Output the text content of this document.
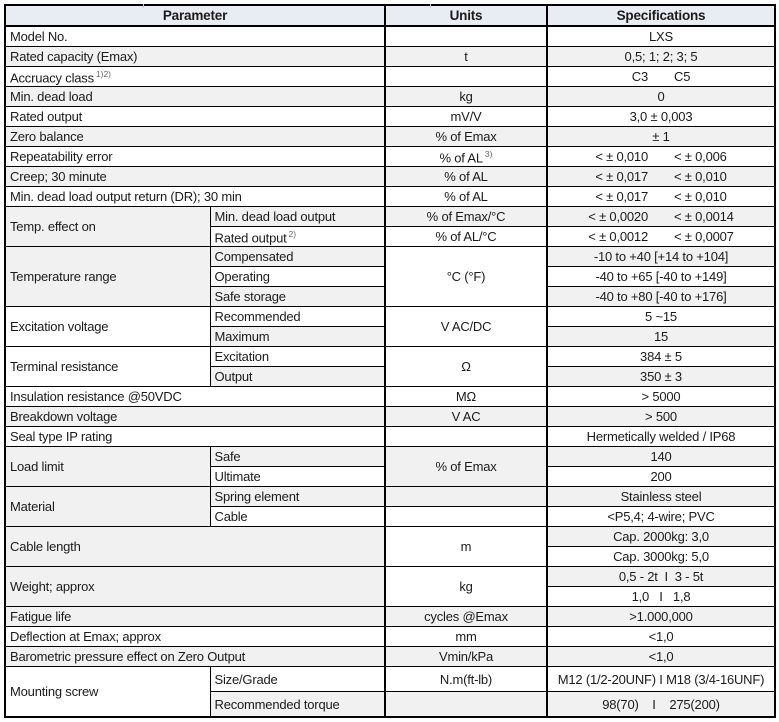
Parameter		Units	Specifications
Model No.			LXS
Rated capacity (Emax)		t	0,5; 1; 2; 3; 5
Accruacy class $^{1)2)}$			C3 C5

Min. dead load		kg	0
Rated output		mV/V	3,0 ± 0,003
Zero balance		% of Emax	± 1
Repeatability error		% of AL $^{3)}$	< ± 0,010 < ± 0,006

Creep; 30 minute		% of AL	< ± 0,017 < ± 0,010

Min. dead load output return (DR); 30 min		% of AL	< ± 0,017 < ± 0,010

Temp. effect on	Min. dead load output	% of Emax/°C	< ± 0,0020 < ± 0,0014

	Rated output $^{2)}$	% of AL/°C	< ± 0,0012 < ± 0,0007

Temperature range	Compensated	°C (°F)	-10 to +40 [+14 to +104]
	Operating		-40 to +65 [-40 to +149]
	Safe storage		-40 to +80 [-40 to +176]
Excitation voltage	Recommended	V AC/DC	5 ~15
	Maximum		15
Terminal resistance	Excitation	Ω	384 ± 5
	Output		350 ± 3
Insulation resistance @50VDC		MΩ	> 5000
Breakdown voltage		V AC	> 500
Seal type IP rating			Hermetically welded / IP68
Load limit	Safe	% of Emax	140
	Ultimate		200
Material	Spring element		Stainless steel
	Cable		<P5,4; 4-wire; PVC
Cable length		m	Cap. 2000kg: 3,0
			Cap. 3000kg: 5,0
Weight; approx		kg	0,5 - 2t  I  3 - 5t
			1,0   I   1,8
Fatigue life		cycles @Emax	>1.000,000
Deflection at Emax; approx		mm	<1,0
Barometric pressure effect on Zero Output		Vmin/kPa	<1,0
Mounting screw	Size/Grade	N.m(ft-lb)	M12 (1/2-20UNF) I M18 (3/4-16UNF)
	Recommended torque		98(70)    I    275(200)
